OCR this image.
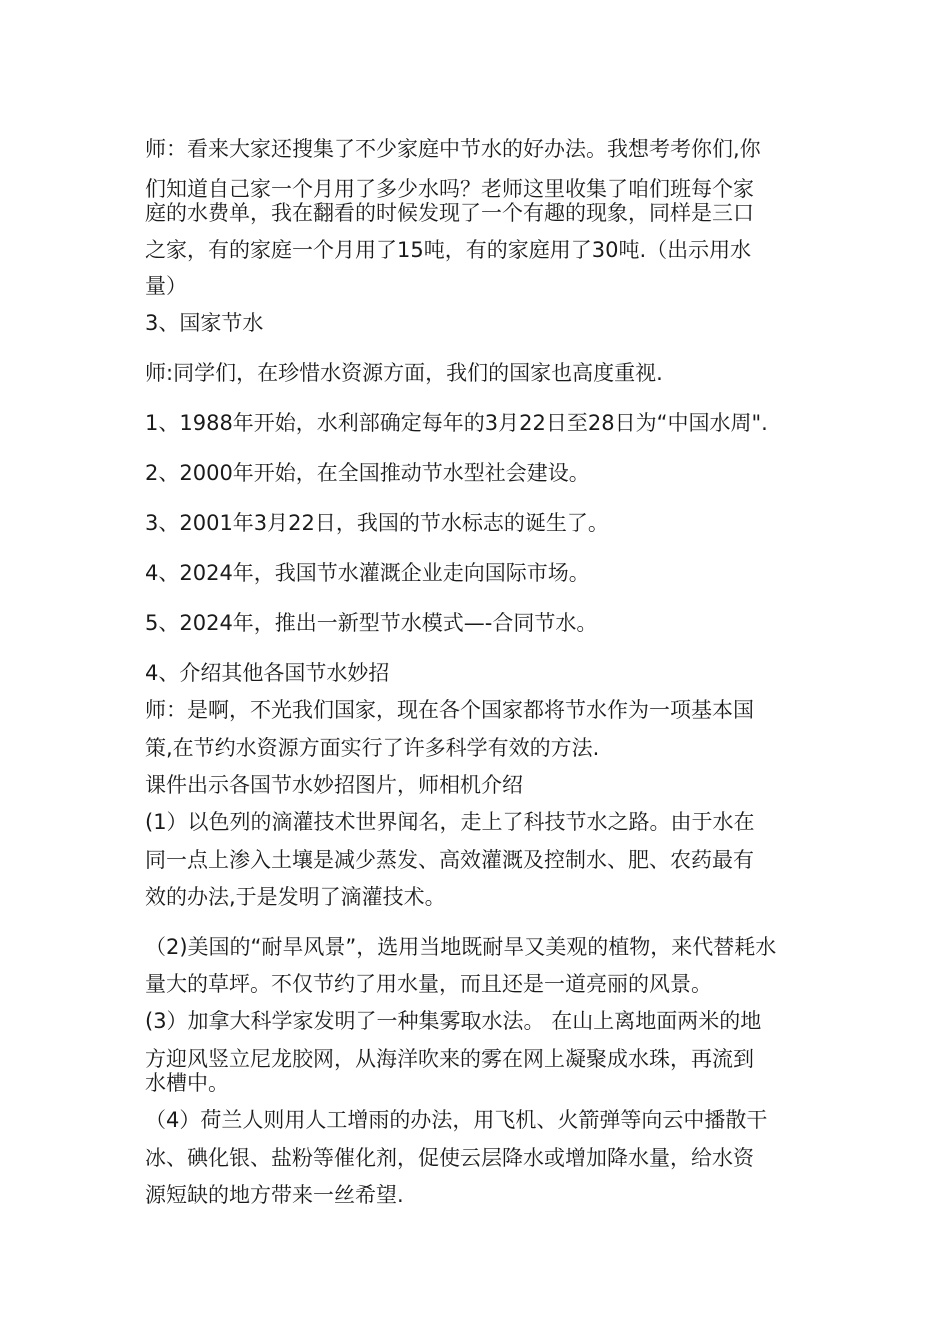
师：看来大家还搜集了不少家庭中节水的好办法。我想考考你们,你

们知道自己家一个月用了多少水吗？老师这里收集了咱们班每个家

庭的水费单，我在翻看的时候发现了一个有趣的现象，同样是三口

之家，有的家庭一个月用了15吨，有的家庭用了30吨.（出示用水

量）

3、国家节水

师:同学们，在珍惜水资源方面，我们的国家也高度重视.

1、1988年开始，水利部确定每年的3月22日至28日为“中国水周".

2、2000年开始，在全国推动节水型社会建设。

3、2001年3月22日，我国的节水标志的诞生了。

4、2024年，我国节水灌溉企业走向国际市场。

5、2024年，推出一新型节水模式—-合同节水。

4、介绍其他各国节水妙招

师：是啊，不光我们国家，现在各个国家都将节水作为一项基本国

策,在节约水资源方面实行了许多科学有效的方法.

课件出示各国节水妙招图片，师相机介绍

(1）以色列的滴灌技术世界闻名，走上了科技节水之路。由于水在

同一点上渗入土壤是减少蒸发、高效灌溉及控制水、肥、农药最有

效的办法,于是发明了滴灌技术。

（2)美国的“耐旱风景”，选用当地既耐旱又美观的植物，来代替耗水

量大的草坪。不仅节约了用水量，而且还是一道亮丽的风景。

(3）加拿大科学家发明了一种集雾取水法。 在山上离地面两米的地

方迎风竖立尼龙胶网，从海洋吹来的雾在网上凝聚成水珠，再流到

水槽中。

（4）荷兰人则用人工增雨的办法，用飞机、火箭弹等向云中播散干

冰、碘化银、盐粉等催化剂，促使云层降水或增加降水量，给水资

源短缺的地方带来一丝希望.
